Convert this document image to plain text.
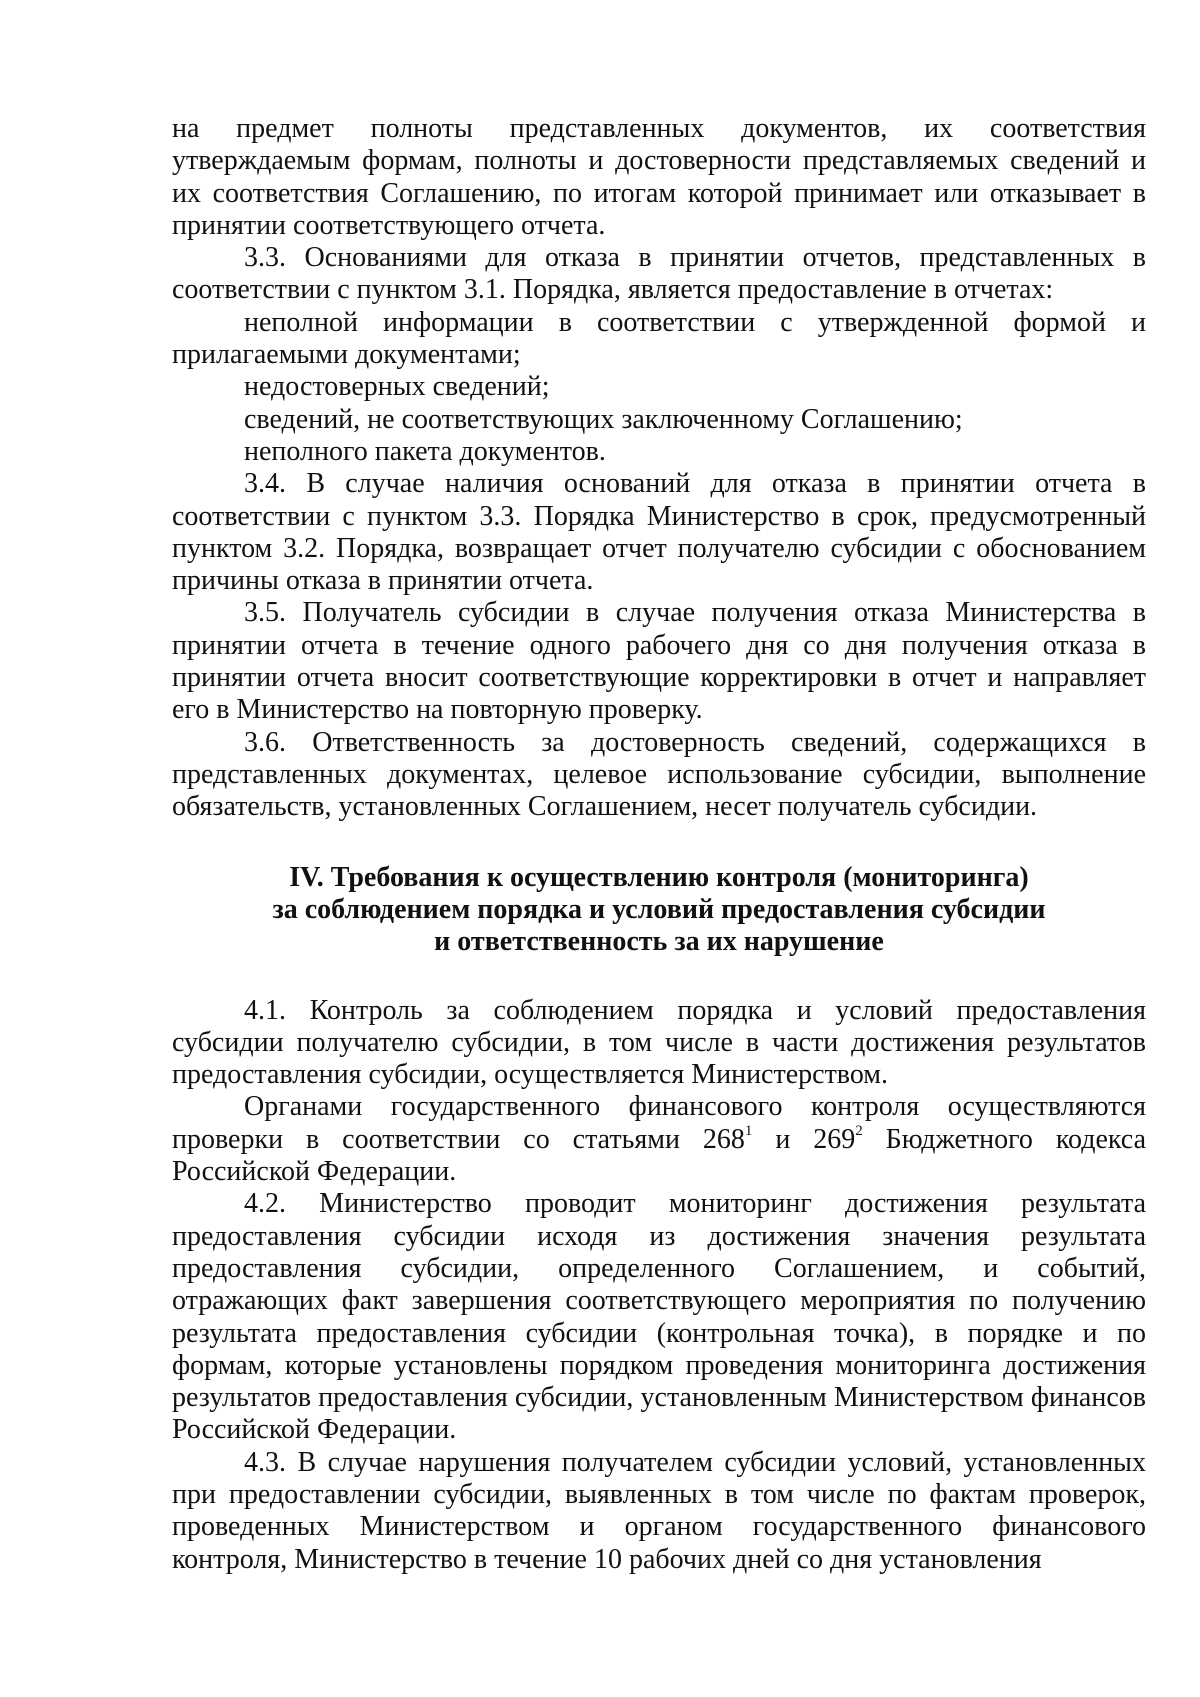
на предмет полноты представленных документов, их соответствия утверждаемым формам, полноты и достоверности представляемых сведений и их соответствия Соглашению, по итогам которой принимает или отказывает в принятии соответствующего отчета.

3.3. Основаниями для отказа в принятии отчетов, представленных в соответствии с пунктом 3.1. Порядка, является предоставление в отчетах:

неполной информации в соответствии с утвержденной формой и прилагаемыми документами;

недостоверных сведений;

сведений, не соответствующих заключенному Соглашению;

неполного пакета документов.

3.4. В случае наличия оснований для отказа в принятии отчета в соответствии с пунктом 3.3. Порядка Министерство в срок, предусмотренный пунктом 3.2. Порядка, возвращает отчет получателю субсидии с обоснованием причины отказа в принятии отчета.

3.5. Получатель субсидии в случае получения отказа Министерства в принятии отчета в течение одного рабочего дня со дня получения отказа в принятии отчета вносит соответствующие корректировки в отчет и направляет его в Министерство на повторную проверку.

3.6. Ответственность за достоверность сведений, содержащихся в представленных документах, целевое использование субсидии, выполнение обязательств, установленных Соглашением, несет получатель субсидии.

IV. Требования к осуществлению контроля (мониторинга)
за соблюдением порядка и условий предоставления субсидии
и ответственность за их нарушение

4.1. Контроль за соблюдением порядка и условий предоставления субсидии получателю субсидии, в том числе в части достижения результатов предоставления субсидии, осуществляется Министерством.

Органами государственного финансового контроля осуществляются проверки в соответствии со статьями $268^1$ и $269^2$ Бюджетного кодекса Российской Федерации.

4.2. Министерство проводит мониторинг достижения результата предоставления субсидии исходя из достижения значения результата предоставления субсидии, определенного Соглашением, и событий, отражающих факт завершения соответствующего мероприятия по получению результата предоставления субсидии (контрольная точка), в порядке и по формам, которые установлены порядком проведения мониторинга достижения результатов предоставления субсидии, установленным Министерством финансов Российской Федерации.

4.3. В случае нарушения получателем субсидии условий, установленных при предоставлении субсидии, выявленных в том числе по фактам проверок, проведенных Министерством и органом государственного финансового контроля, Министерство в течение 10 рабочих дней со дня установления
